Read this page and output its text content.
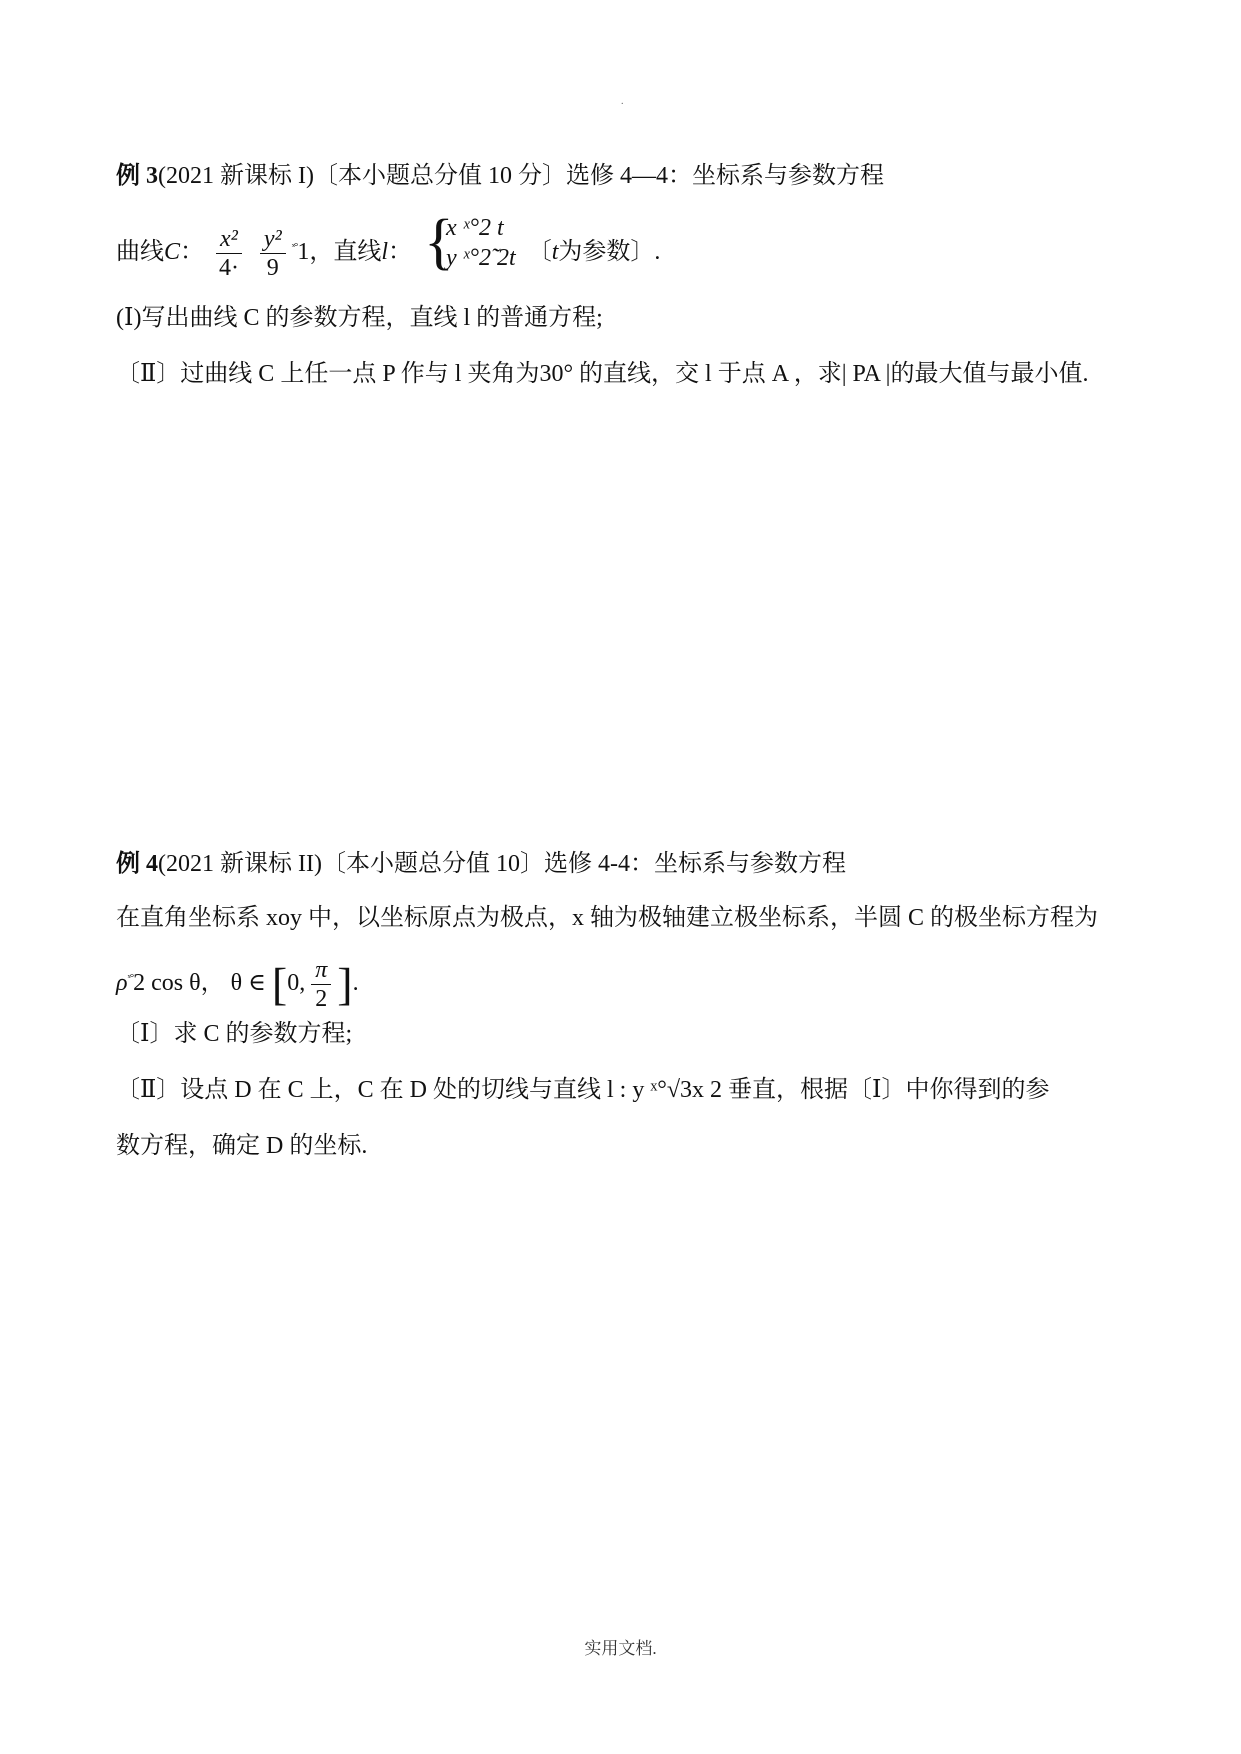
.
例 3(2021 新课标 I)〔本小题总分值 10 分〕选修 4—4：坐标系与参数方程
曲线C： $\frac{\text{x²}}{4\cdot}$
$\frac{\text{y²}}{9} ^{ˣ^\circ}1$，直线l： {
x ˣ°2 t
y ˣ°2̃ 2t 〔t为参数〕.
(Ⅰ)写出曲线 C 的参数方程，直线 l 的普通方程;
〔Ⅱ〕过曲线 C 上任一点 P 作与 l 夹角为30° 的直线，交 l 于点 A ，求| PA |的最大值与最小值.
例 4(2021 新课标 II)〔本小题总分值 10〕选修 4-4：坐标系与参数方程
在直角坐标系 xoy 中，以坐标原点为极点，x 轴为极轴建立极坐标系，半圆 C 的极坐标方程为
$\rho^{ˣ^\circ}2$ cos θ， θ ∈ [0, $\frac{\pi}{2}$ ].
〔Ⅰ〕求 C 的参数方程;
〔Ⅱ〕设点 D 在 C 上，C 在 D 处的切线与直线 l : y ˣ°√3x 2 垂直，根据〔Ⅰ〕中你得到的参
数方程，确定 D 的坐标.
实用文档.
